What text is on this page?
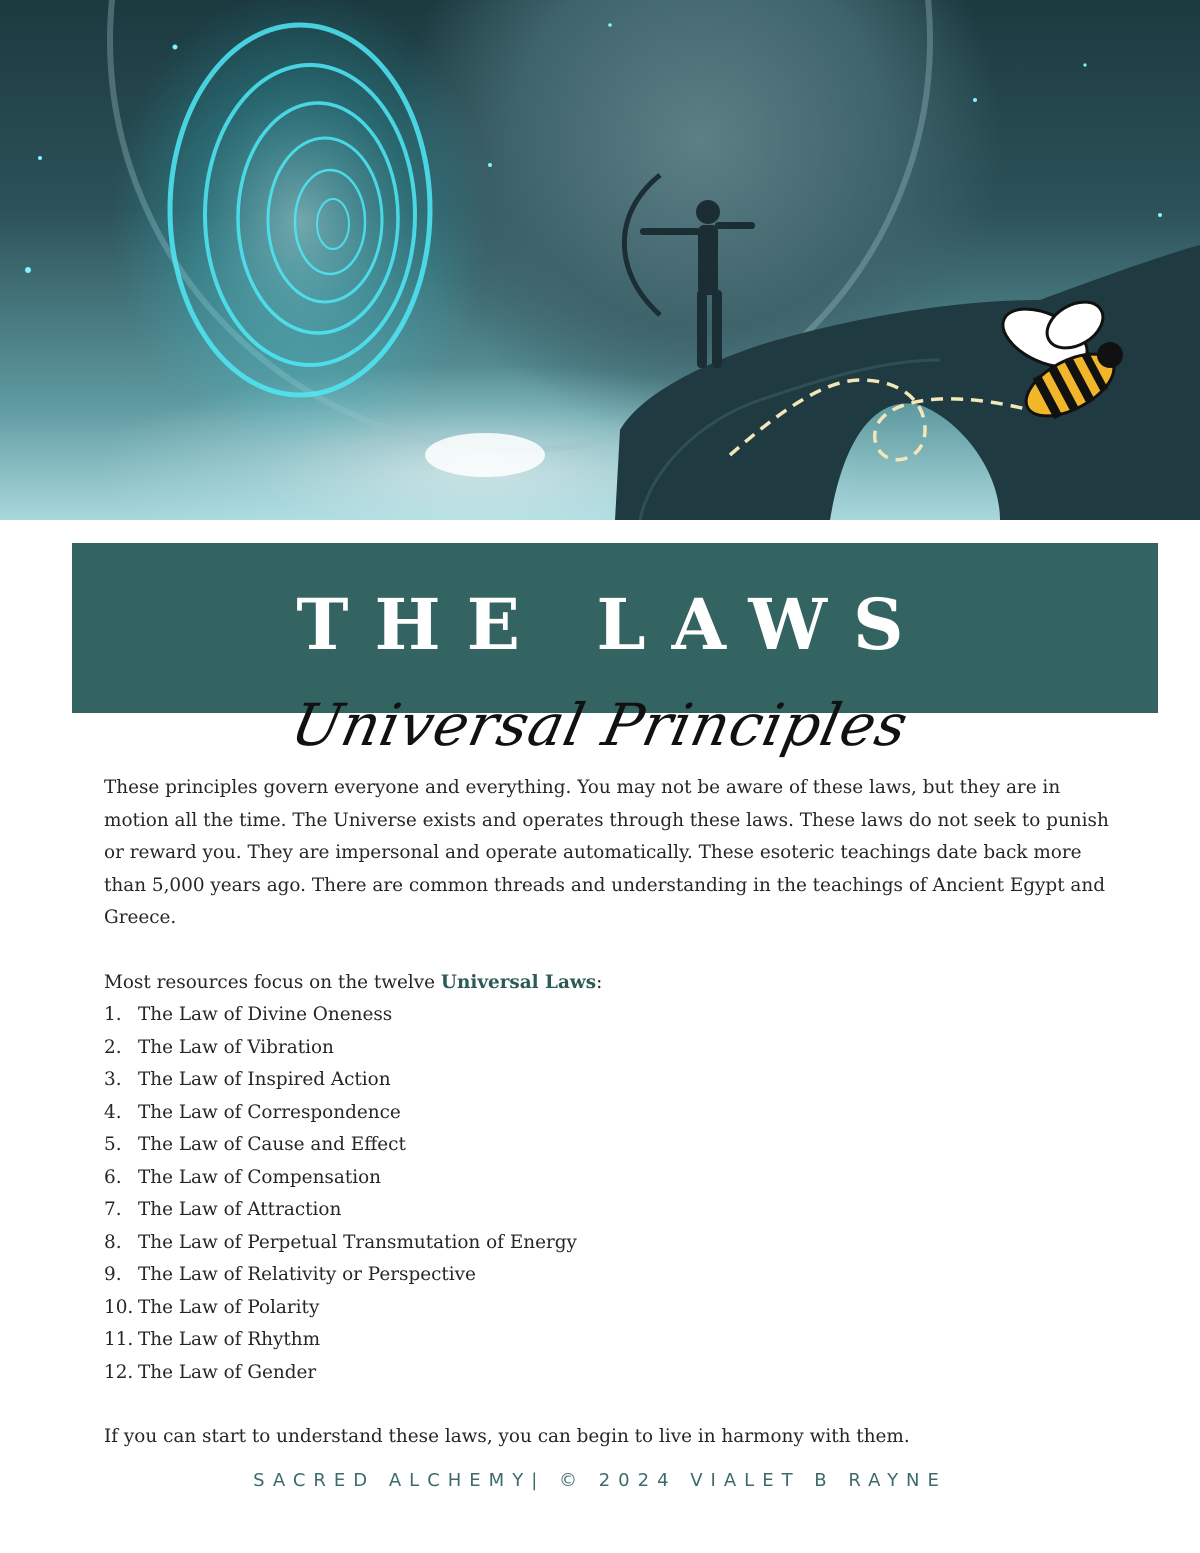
THE LAWS
Universal Principles

These principles govern everyone and everything. You may not be aware of these laws, but they are in motion all the time. The Universe exists and operates through these laws. These laws do not seek to punish or reward you. They are impersonal and operate automatically. These esoteric teachings date back more than 5,000 years ago. There are common threads and understanding in the teachings of Ancient Egypt and Greece.

Most resources focus on the twelve Universal Laws:

1. The Law of Divine Oneness
2. The Law of Vibration
3. The Law of Inspired Action
4. The Law of Correspondence
5. The Law of Cause and Effect
6. The Law of Compensation
7. The Law of Attraction
8. The Law of Perpetual Transmutation of Energy
9. The Law of Relativity or Perspective
10. The Law of Polarity
11. The Law of Rhythm
12. The Law of Gender

If you can start to understand these laws, you can begin to live in harmony with them.

SACRED ALCHEMY| © 2024 VIALET B RAYNE
